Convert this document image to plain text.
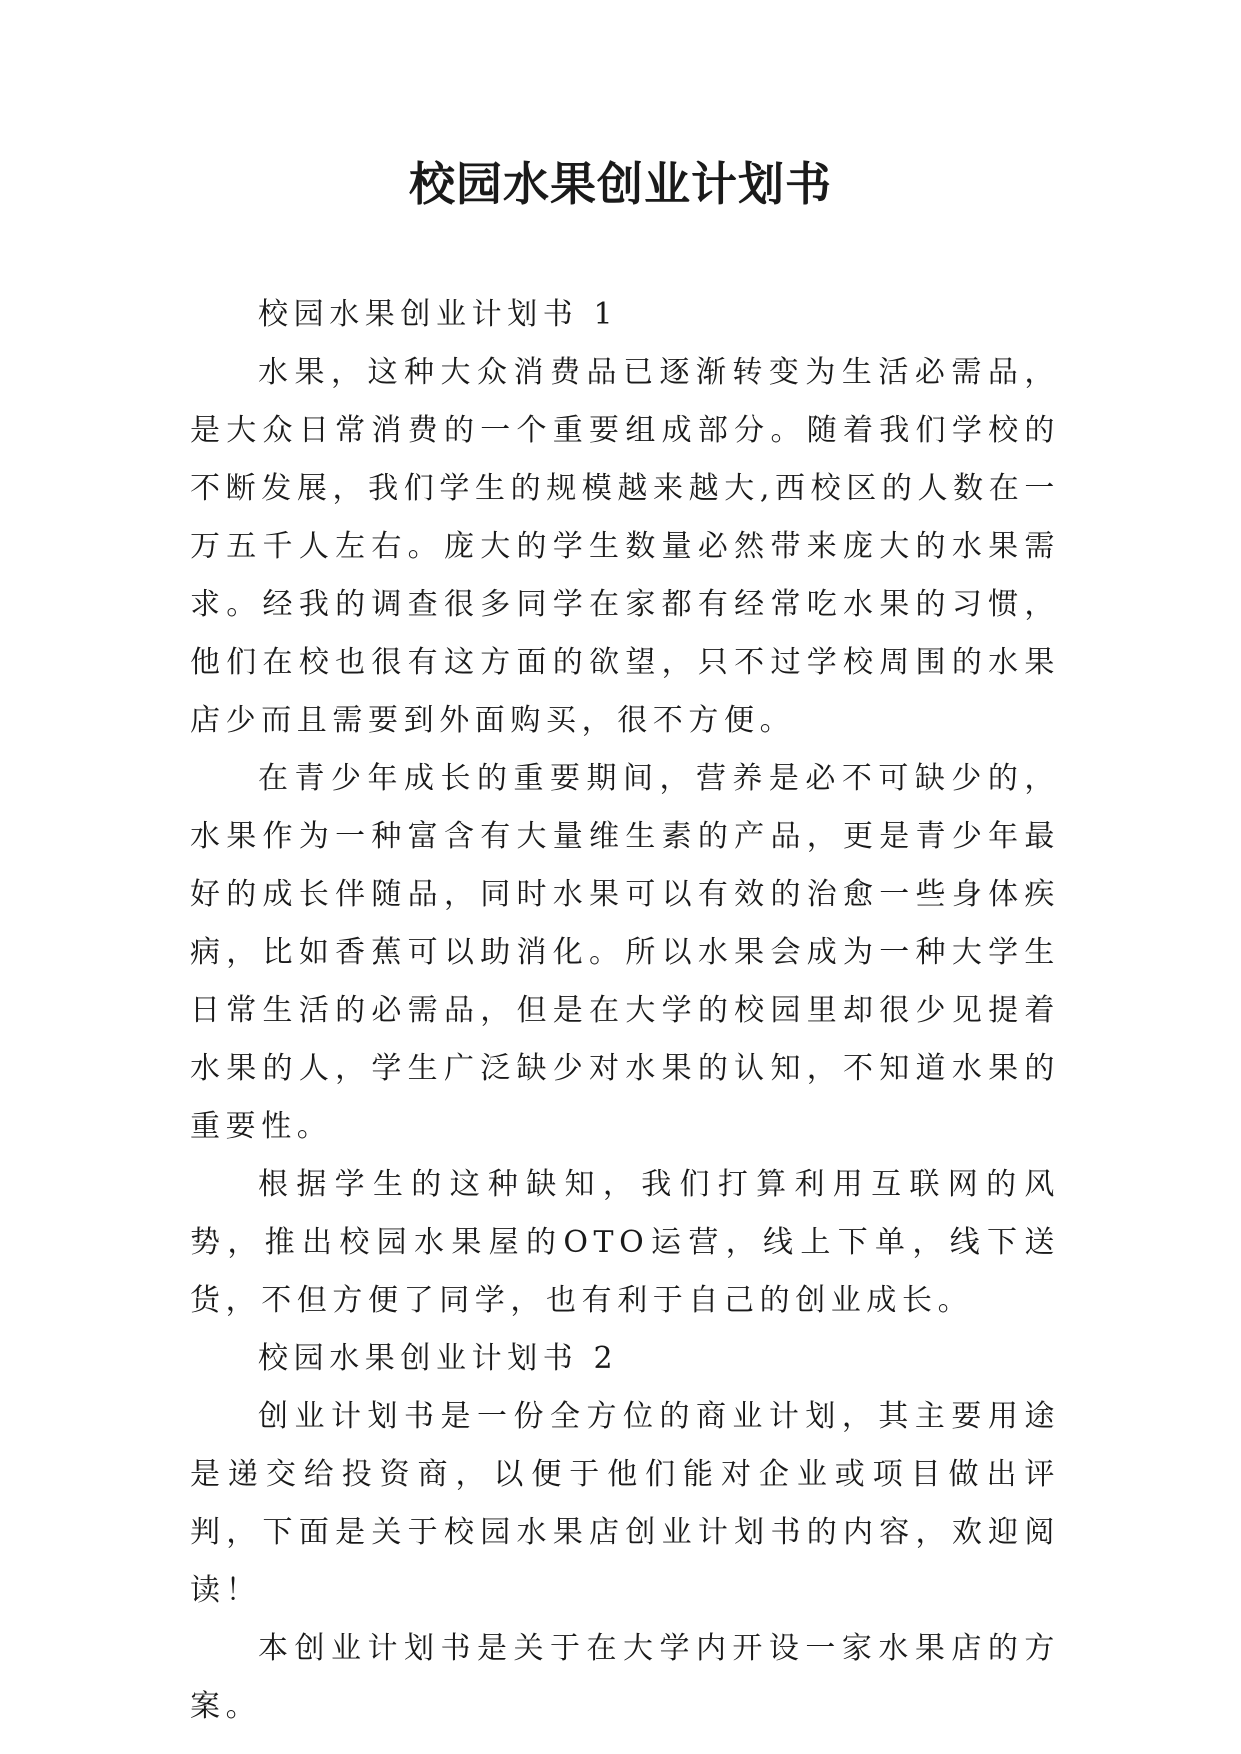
校园水果创业计划书

校园水果创业计划书 1

水果，这种大众消费品已逐渐转变为生活必需品，是大众日常消费的一个重要组成部分。随着我们学校的不断发展，我们学生的规模越来越大,西校区的人数在一万五千人左右。庞大的学生数量必然带来庞大的水果需求。经我的调查很多同学在家都有经常吃水果的习惯，他们在校也很有这方面的欲望，只不过学校周围的水果店少而且需要到外面购买，很不方便。

在青少年成长的重要期间，营养是必不可缺少的，水果作为一种富含有大量维生素的产品，更是青少年最好的成长伴随品，同时水果可以有效的治愈一些身体疾病，比如香蕉可以助消化。所以水果会成为一种大学生日常生活的必需品，但是在大学的校园里却很少见提着水果的人，学生广泛缺少对水果的认知，不知道水果的重要性。

根据学生的这种缺知，我们打算利用互联网的风势，推出校园水果屋的OTO运营，线上下单，线下送货，不但方便了同学，也有利于自己的创业成长。

校园水果创业计划书 2

创业计划书是一份全方位的商业计划，其主要用途是递交给投资商，以便于他们能对企业或项目做出评判，下面是关于校园水果店创业计划书的内容，欢迎阅读！

本创业计划书是关于在大学内开设一家水果店的方案。
